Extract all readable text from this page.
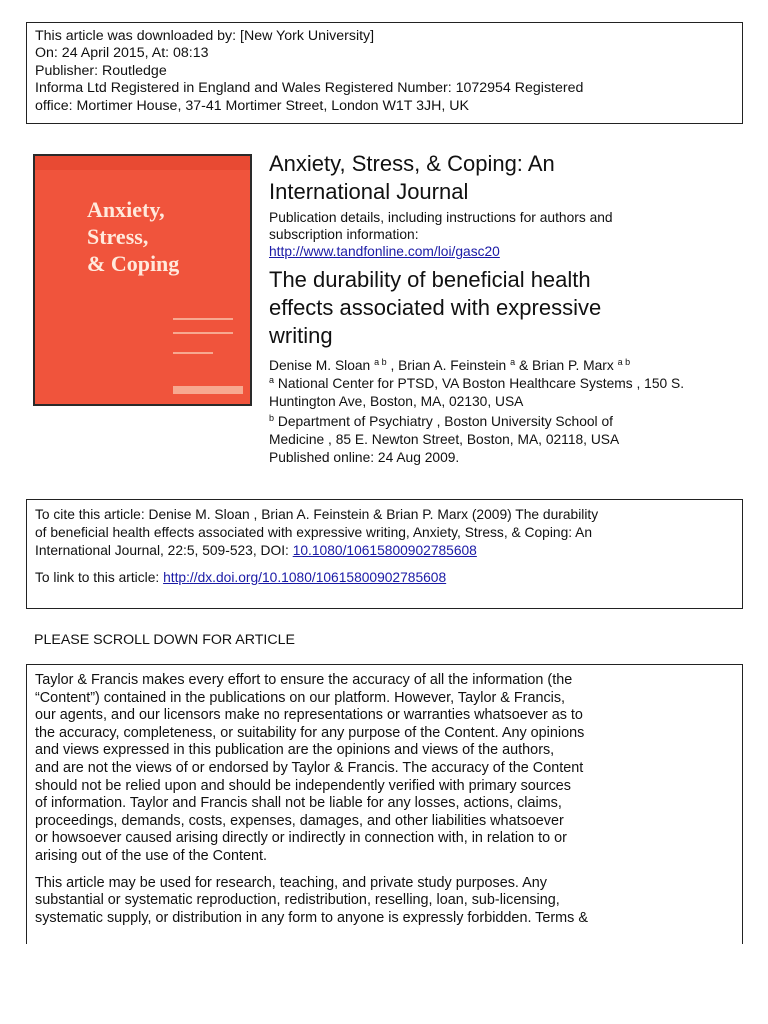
This article was downloaded by: [New York University]
On: 24 April 2015, At: 08:13
Publisher: Routledge
Informa Ltd Registered in England and Wales Registered Number: 1072954 Registered
office: Mortimer House, 37-41 Mortimer Street, London W1T 3JH, UK
Anxiety,
Stress,
& Coping
Anxiety, Stress, & Coping: An
International Journal
Publication details, including instructions for authors and
subscription information:
http://www.tandfonline.com/loi/gasc20
The durability of beneficial health
effects associated with expressive
writing
Denise M. Sloan $^{a b}$ , Brian A. Feinstein $^a$ & Brian P. Marx $^{a b}$
$^a$ National Center for PTSD, VA Boston Healthcare Systems , 150 S.
Huntington Ave, Boston, MA, 02130, USA
$^b$ Department of Psychiatry , Boston University School of
Medicine , 85 E. Newton Street, Boston, MA, 02118, USA
Published online: 24 Aug 2009.
To cite this article: Denise M. Sloan , Brian A. Feinstein & Brian P. Marx (2009) The durability
of beneficial health effects associated with expressive writing, Anxiety, Stress, & Coping: An
International Journal, 22:5, 509-523, DOI: 10.1080/10615800902785608
To link to this article: http://dx.doi.org/10.1080/10615800902785608
PLEASE SCROLL DOWN FOR ARTICLE
Taylor & Francis makes every effort to ensure the accuracy of all the information (the
“Content”) contained in the publications on our platform. However, Taylor & Francis,
our agents, and our licensors make no representations or warranties whatsoever as to
the accuracy, completeness, or suitability for any purpose of the Content. Any opinions
and views expressed in this publication are the opinions and views of the authors,
and are not the views of or endorsed by Taylor & Francis. The accuracy of the Content
should not be relied upon and should be independently verified with primary sources
of information. Taylor and Francis shall not be liable for any losses, actions, claims,
proceedings, demands, costs, expenses, damages, and other liabilities whatsoever
or howsoever caused arising directly or indirectly in connection with, in relation to or
arising out of the use of the Content.
This article may be used for research, teaching, and private study purposes. Any
substantial or systematic reproduction, redistribution, reselling, loan, sub-licensing,
systematic supply, or distribution in any form to anyone is expressly forbidden. Terms &
